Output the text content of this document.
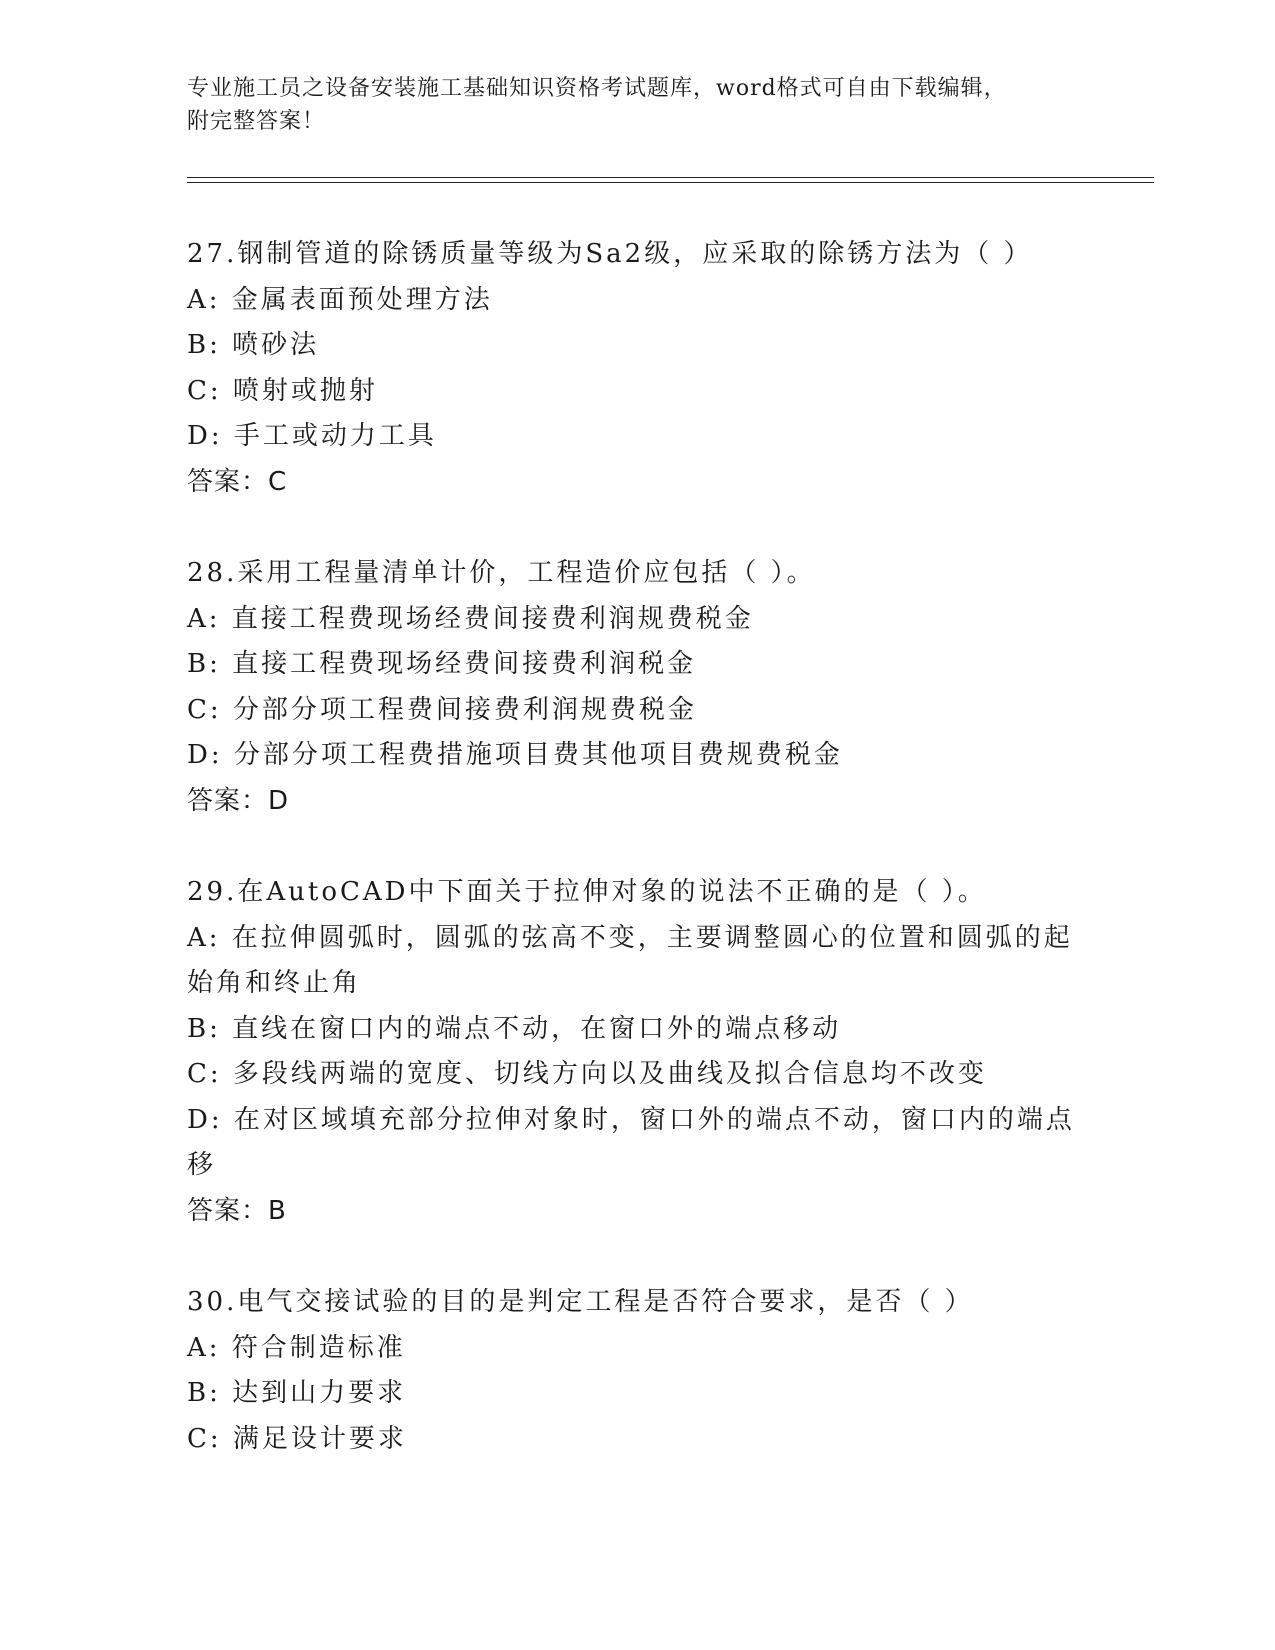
专业施工员之设备安装施工基础知识资格考试题库，word格式可自由下载编辑，
附完整答案！
27.钢制管道的除锈质量等级为Sa2级，应采取的除锈方法为（ ）
A: 金属表面预处理方法
B: 喷砂法
C: 喷射或抛射
D: 手工或动力工具
答案：C
28.采用工程量清单计价，工程造价应包括（ ）。
A: 直接工程费现场经费间接费利润规费税金
B: 直接工程费现场经费间接费利润税金
C: 分部分项工程费间接费利润规费税金
D: 分部分项工程费措施项目费其他项目费规费税金
答案：D
29.在AutoCAD中下面关于拉伸对象的说法不正确的是（ ）。
A: 在拉伸圆弧时，圆弧的弦高不变，主要调整圆心的位置和圆弧的起始角和终止角
B: 直线在窗口内的端点不动，在窗口外的端点移动
C: 多段线两端的宽度、切线方向以及曲线及拟合信息均不改变
D: 在对区域填充部分拉伸对象时，窗口外的端点不动，窗口内的端点移
答案：B
30.电气交接试验的目的是判定工程是否符合要求，是否（ ）
A: 符合制造标准
B: 达到山力要求
C: 满足设计要求
